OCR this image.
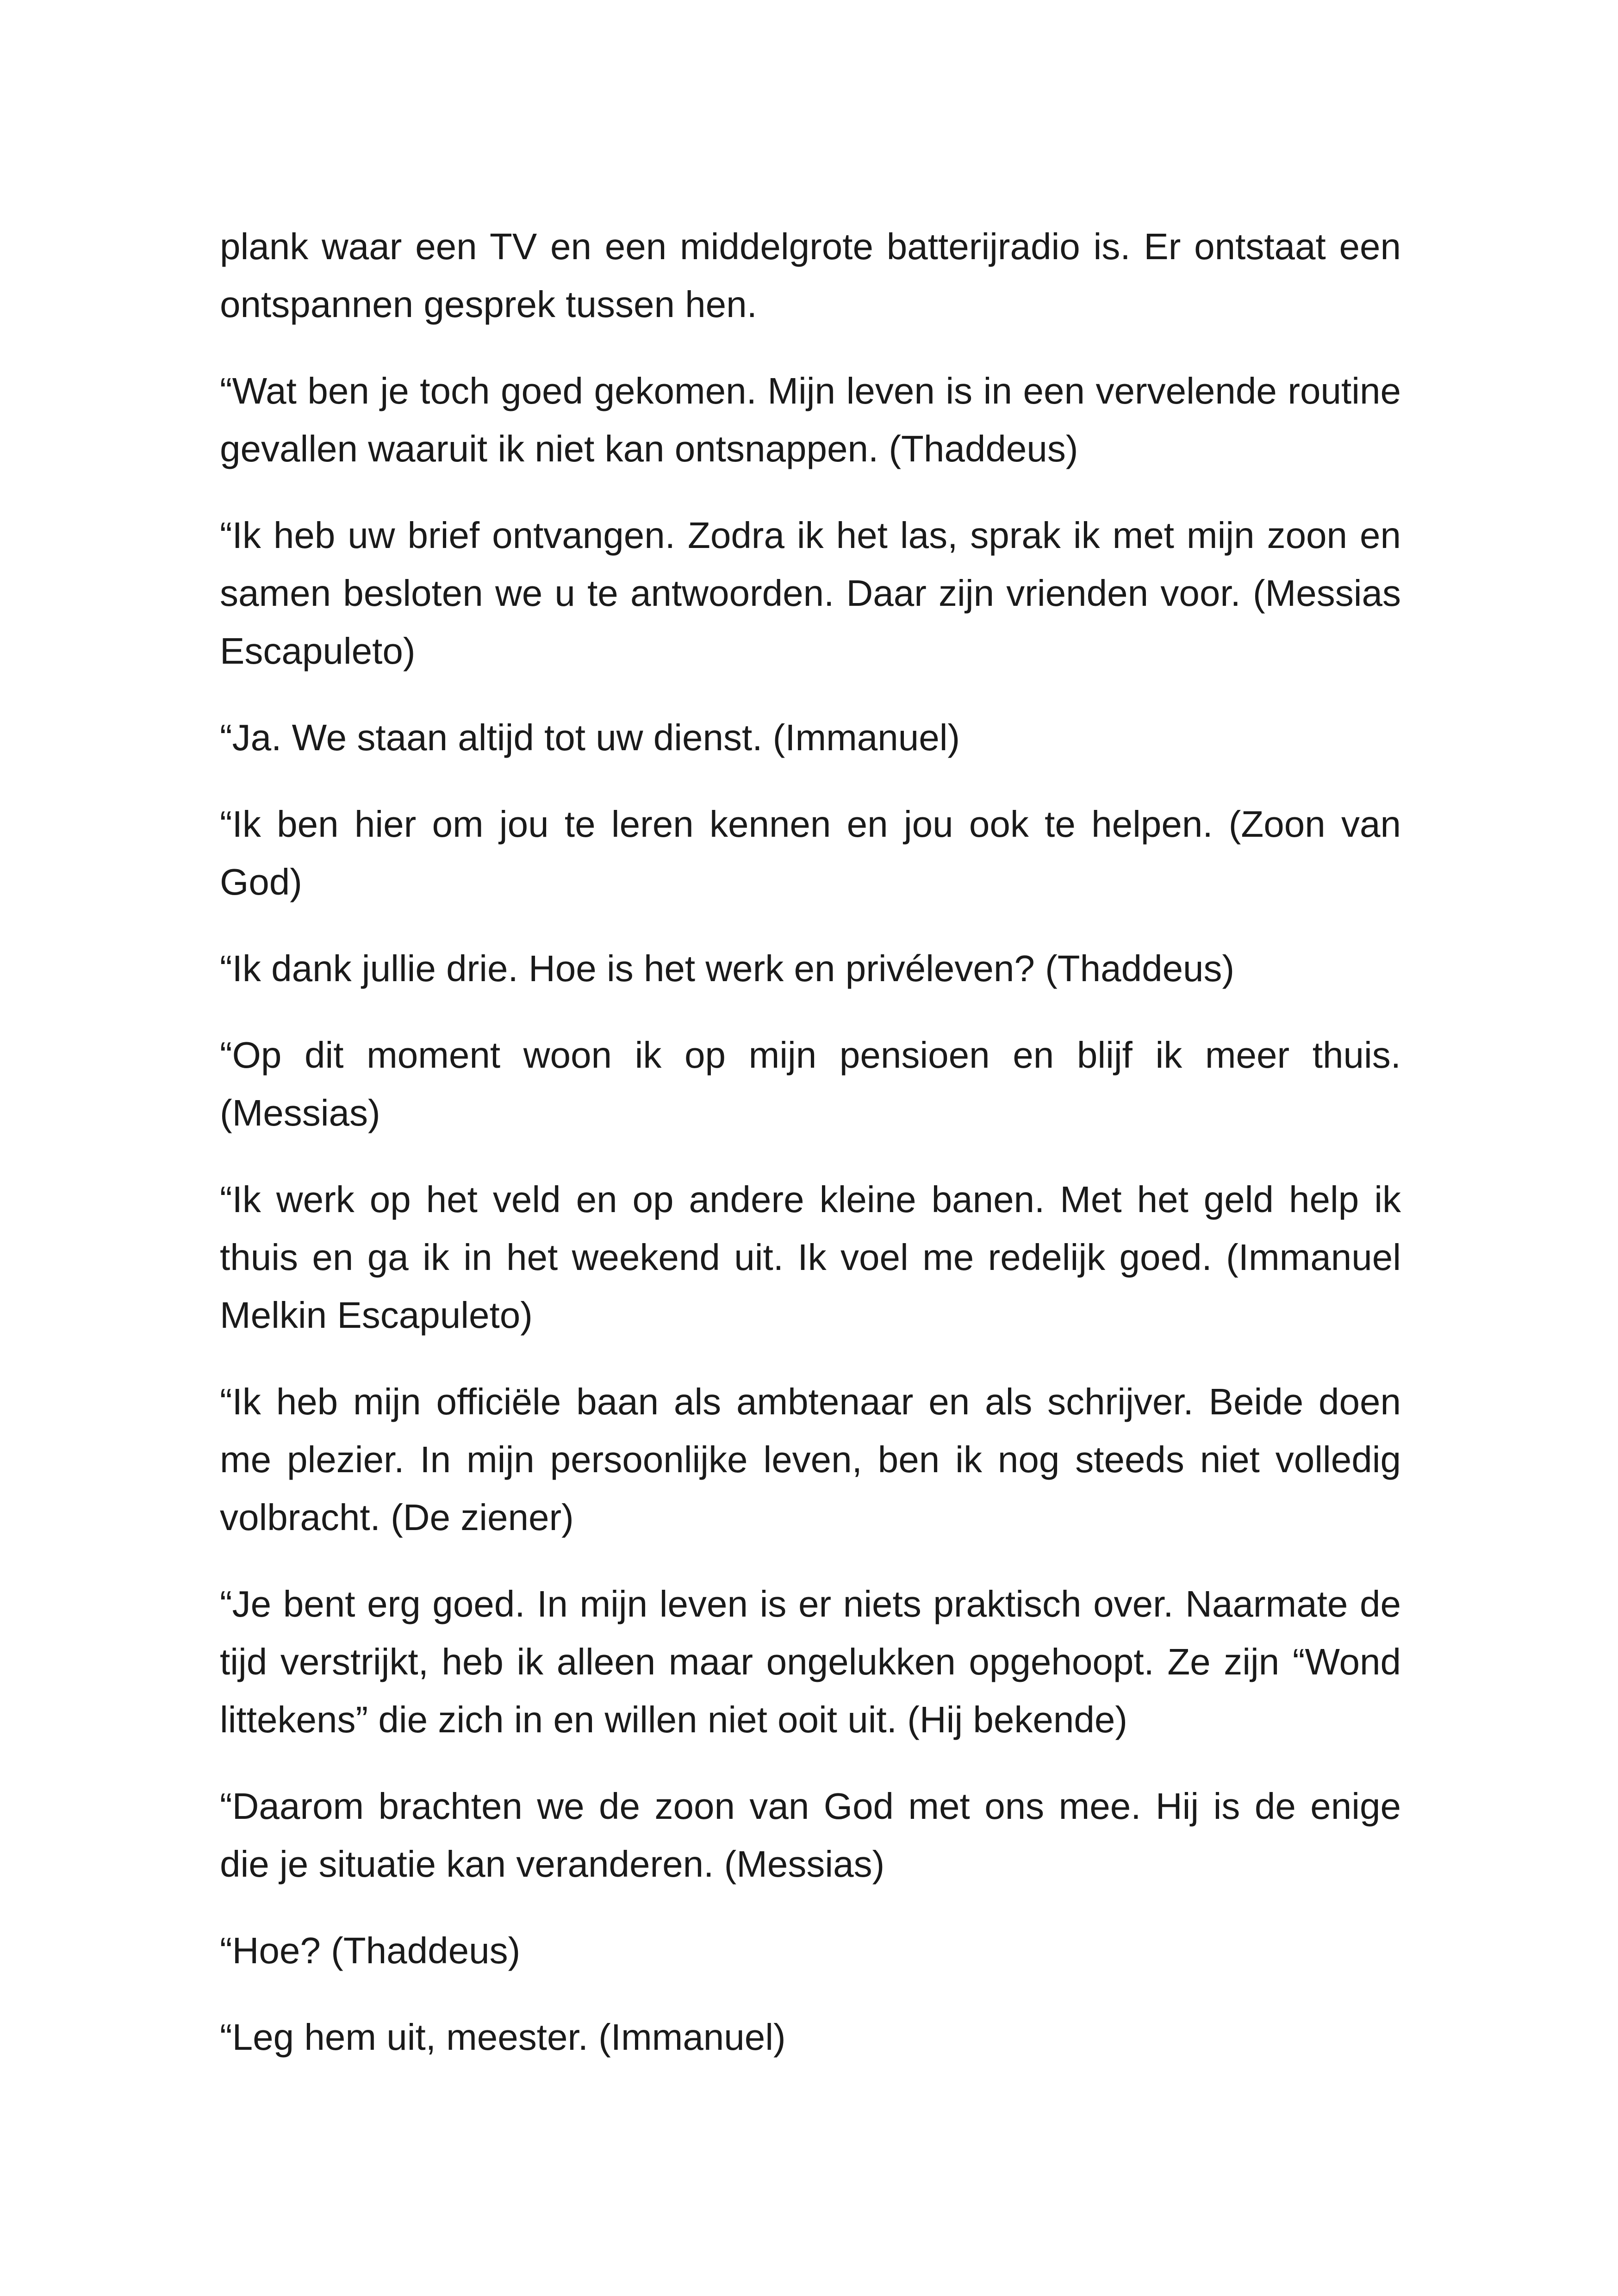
plank waar een TV en een middelgrote batterijradio is. Er ontstaat een ontspannen gesprek tussen hen.

“Wat ben je toch goed gekomen. Mijn leven is in een vervelende routine gevallen waaruit ik niet kan ontsnappen. (Thaddeus)

“Ik heb uw brief ontvangen. Zodra ik het las, sprak ik met mijn zoon en samen besloten we u te antwoorden. Daar zijn vrienden voor. (Messias Escapuleto)

“Ja. We staan altijd tot uw dienst. (Immanuel)

“Ik ben hier om jou te leren kennen en jou ook te helpen. (Zoon van God)

“Ik dank jullie drie. Hoe is het werk en privéleven? (Thaddeus)

“Op dit moment woon ik op mijn pensioen en blijf ik meer thuis. (Messias)

“Ik werk op het veld en op andere kleine banen. Met het geld help ik thuis en ga ik in het weekend uit. Ik voel me redelijk goed. (Immanuel Melkin Escapuleto)

“Ik heb mijn officiële baan als ambtenaar en als schrijver. Beide doen me plezier. In mijn persoonlijke leven, ben ik nog steeds niet volledig volbracht. (De ziener)

“Je bent erg goed. In mijn leven is er niets praktisch over. Naarmate de tijd verstrijkt, heb ik alleen maar ongelukken opgehoopt. Ze zijn “Wond littekens” die zich in en willen niet ooit uit. (Hij bekende)

“Daarom brachten we de zoon van God met ons mee. Hij is de enige die je situatie kan veranderen. (Messias)

“Hoe? (Thaddeus)

“Leg hem uit, meester. (Immanuel)
